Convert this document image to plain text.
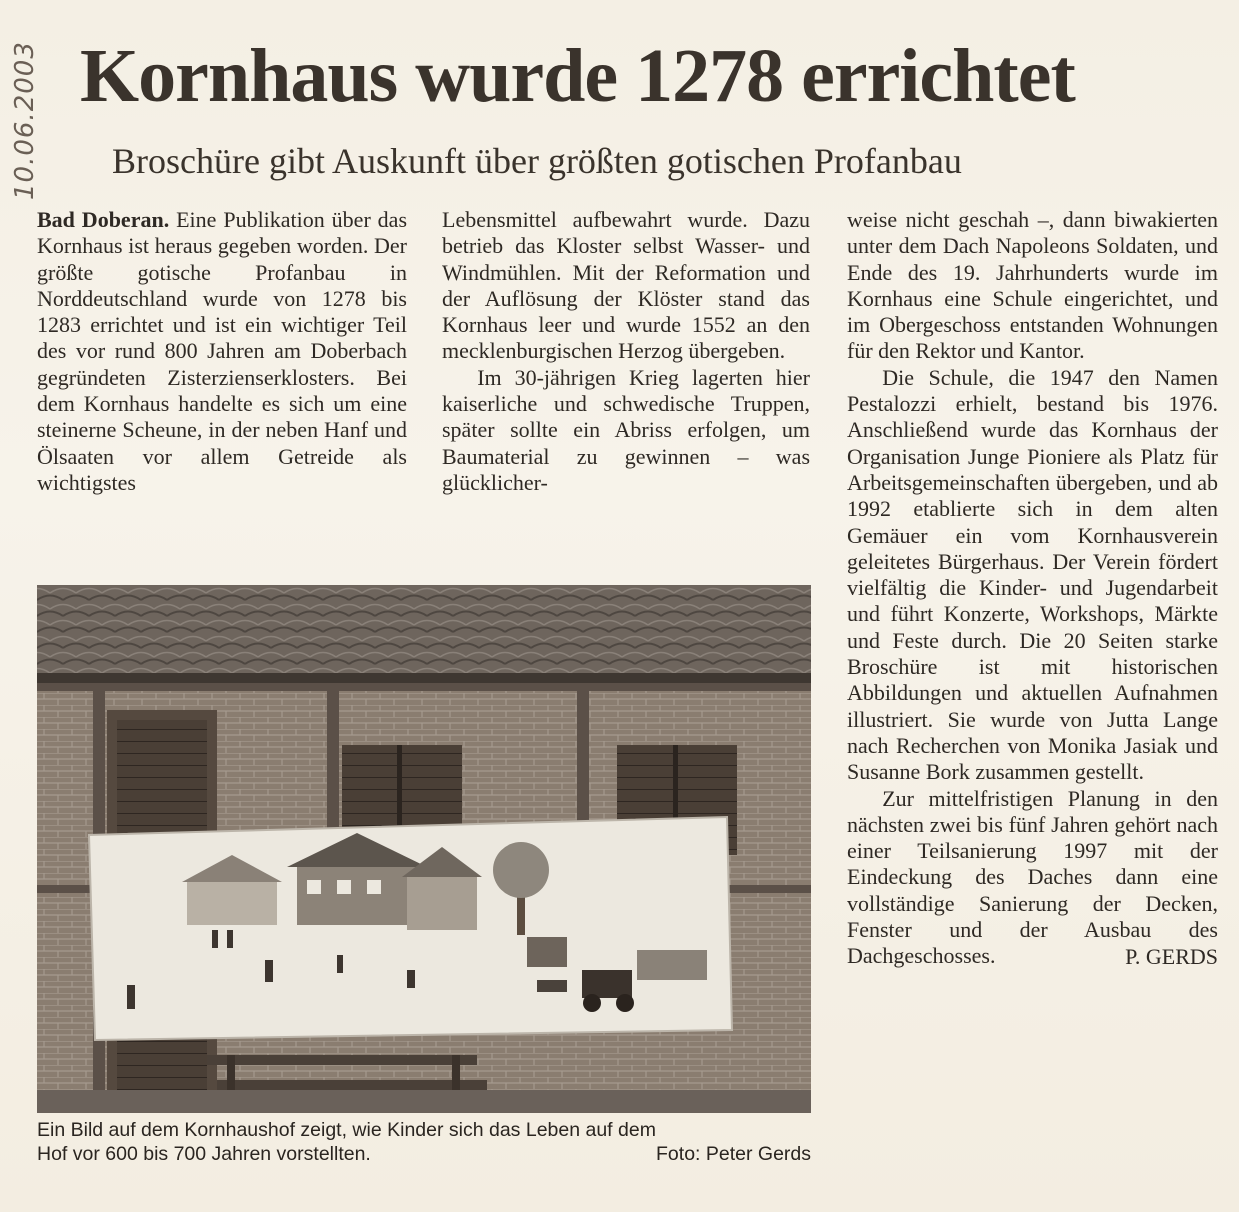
10.06.2003 Kornhaus wurde 1278 errichtet
Broschüre gibt Auskunft über größten gotischen Profanbau

Bad Doberan. Eine Publikation über das Kornhaus ist heraus gegeben worden. Der größte gotische Profanbau in Norddeutschland wurde von 1278 bis 1283 errichtet und ist ein wichtiger Teil des vor rund 800 Jahren am Doberbach gegründeten Zisterzienserklosters. Bei dem Kornhaus handelte es sich um eine steinerne Scheune, in der neben Hanf und Ölsaaten vor allem Getreide als wichtigstes

Lebensmittel aufbewahrt wurde. Dazu betrieb das Kloster selbst Wasser- und Windmühlen. Mit der Reformation und der Auflösung der Klöster stand das Kornhaus leer und wurde 1552 an den mecklenburgischen Herzog übergeben.

Im 30-jährigen Krieg lagerten hier kaiserliche und schwedische Truppen, später sollte ein Abriss erfolgen, um Baumaterial zu gewinnen – was glücklicher-

weise nicht geschah –, dann biwakierten unter dem Dach Napoleons Soldaten, und Ende des 19. Jahrhunderts wurde im Kornhaus eine Schule eingerichtet, und im Obergeschoss entstanden Wohnungen für den Rektor und Kantor.

Die Schule, die 1947 den Namen Pestalozzi erhielt, bestand bis 1976. Anschließend wurde das Kornhaus der Organisation Junge Pioniere als Platz für Arbeitsgemeinschaften übergeben, und ab 1992 etablierte sich in dem alten Gemäuer ein vom Kornhausverein geleitetes Bürgerhaus. Der Verein fördert vielfältig die Kinder- und Jugendarbeit und führt Konzerte, Workshops, Märkte und Feste durch. Die 20 Seiten starke Broschüre ist mit historischen Abbildungen und aktuellen Aufnahmen illustriert. Sie wurde von Jutta Lange nach Recherchen von Monika Jasiak und Susanne Bork zusammen gestellt.

Zur mittelfristigen Planung in den nächsten zwei bis fünf Jahren gehört nach einer Teilsanierung 1997 mit der Eindeckung des Daches dann eine vollständige Sanierung der Decken, Fenster und der Ausbau des Dachgeschosses.	P. GERDS
Ein Bild auf dem Kornhaushof zeigt, wie Kinder sich das Leben auf dem
Hof vor 600 bis 700 Jahren vorstellten.	Foto: Peter Gerds
